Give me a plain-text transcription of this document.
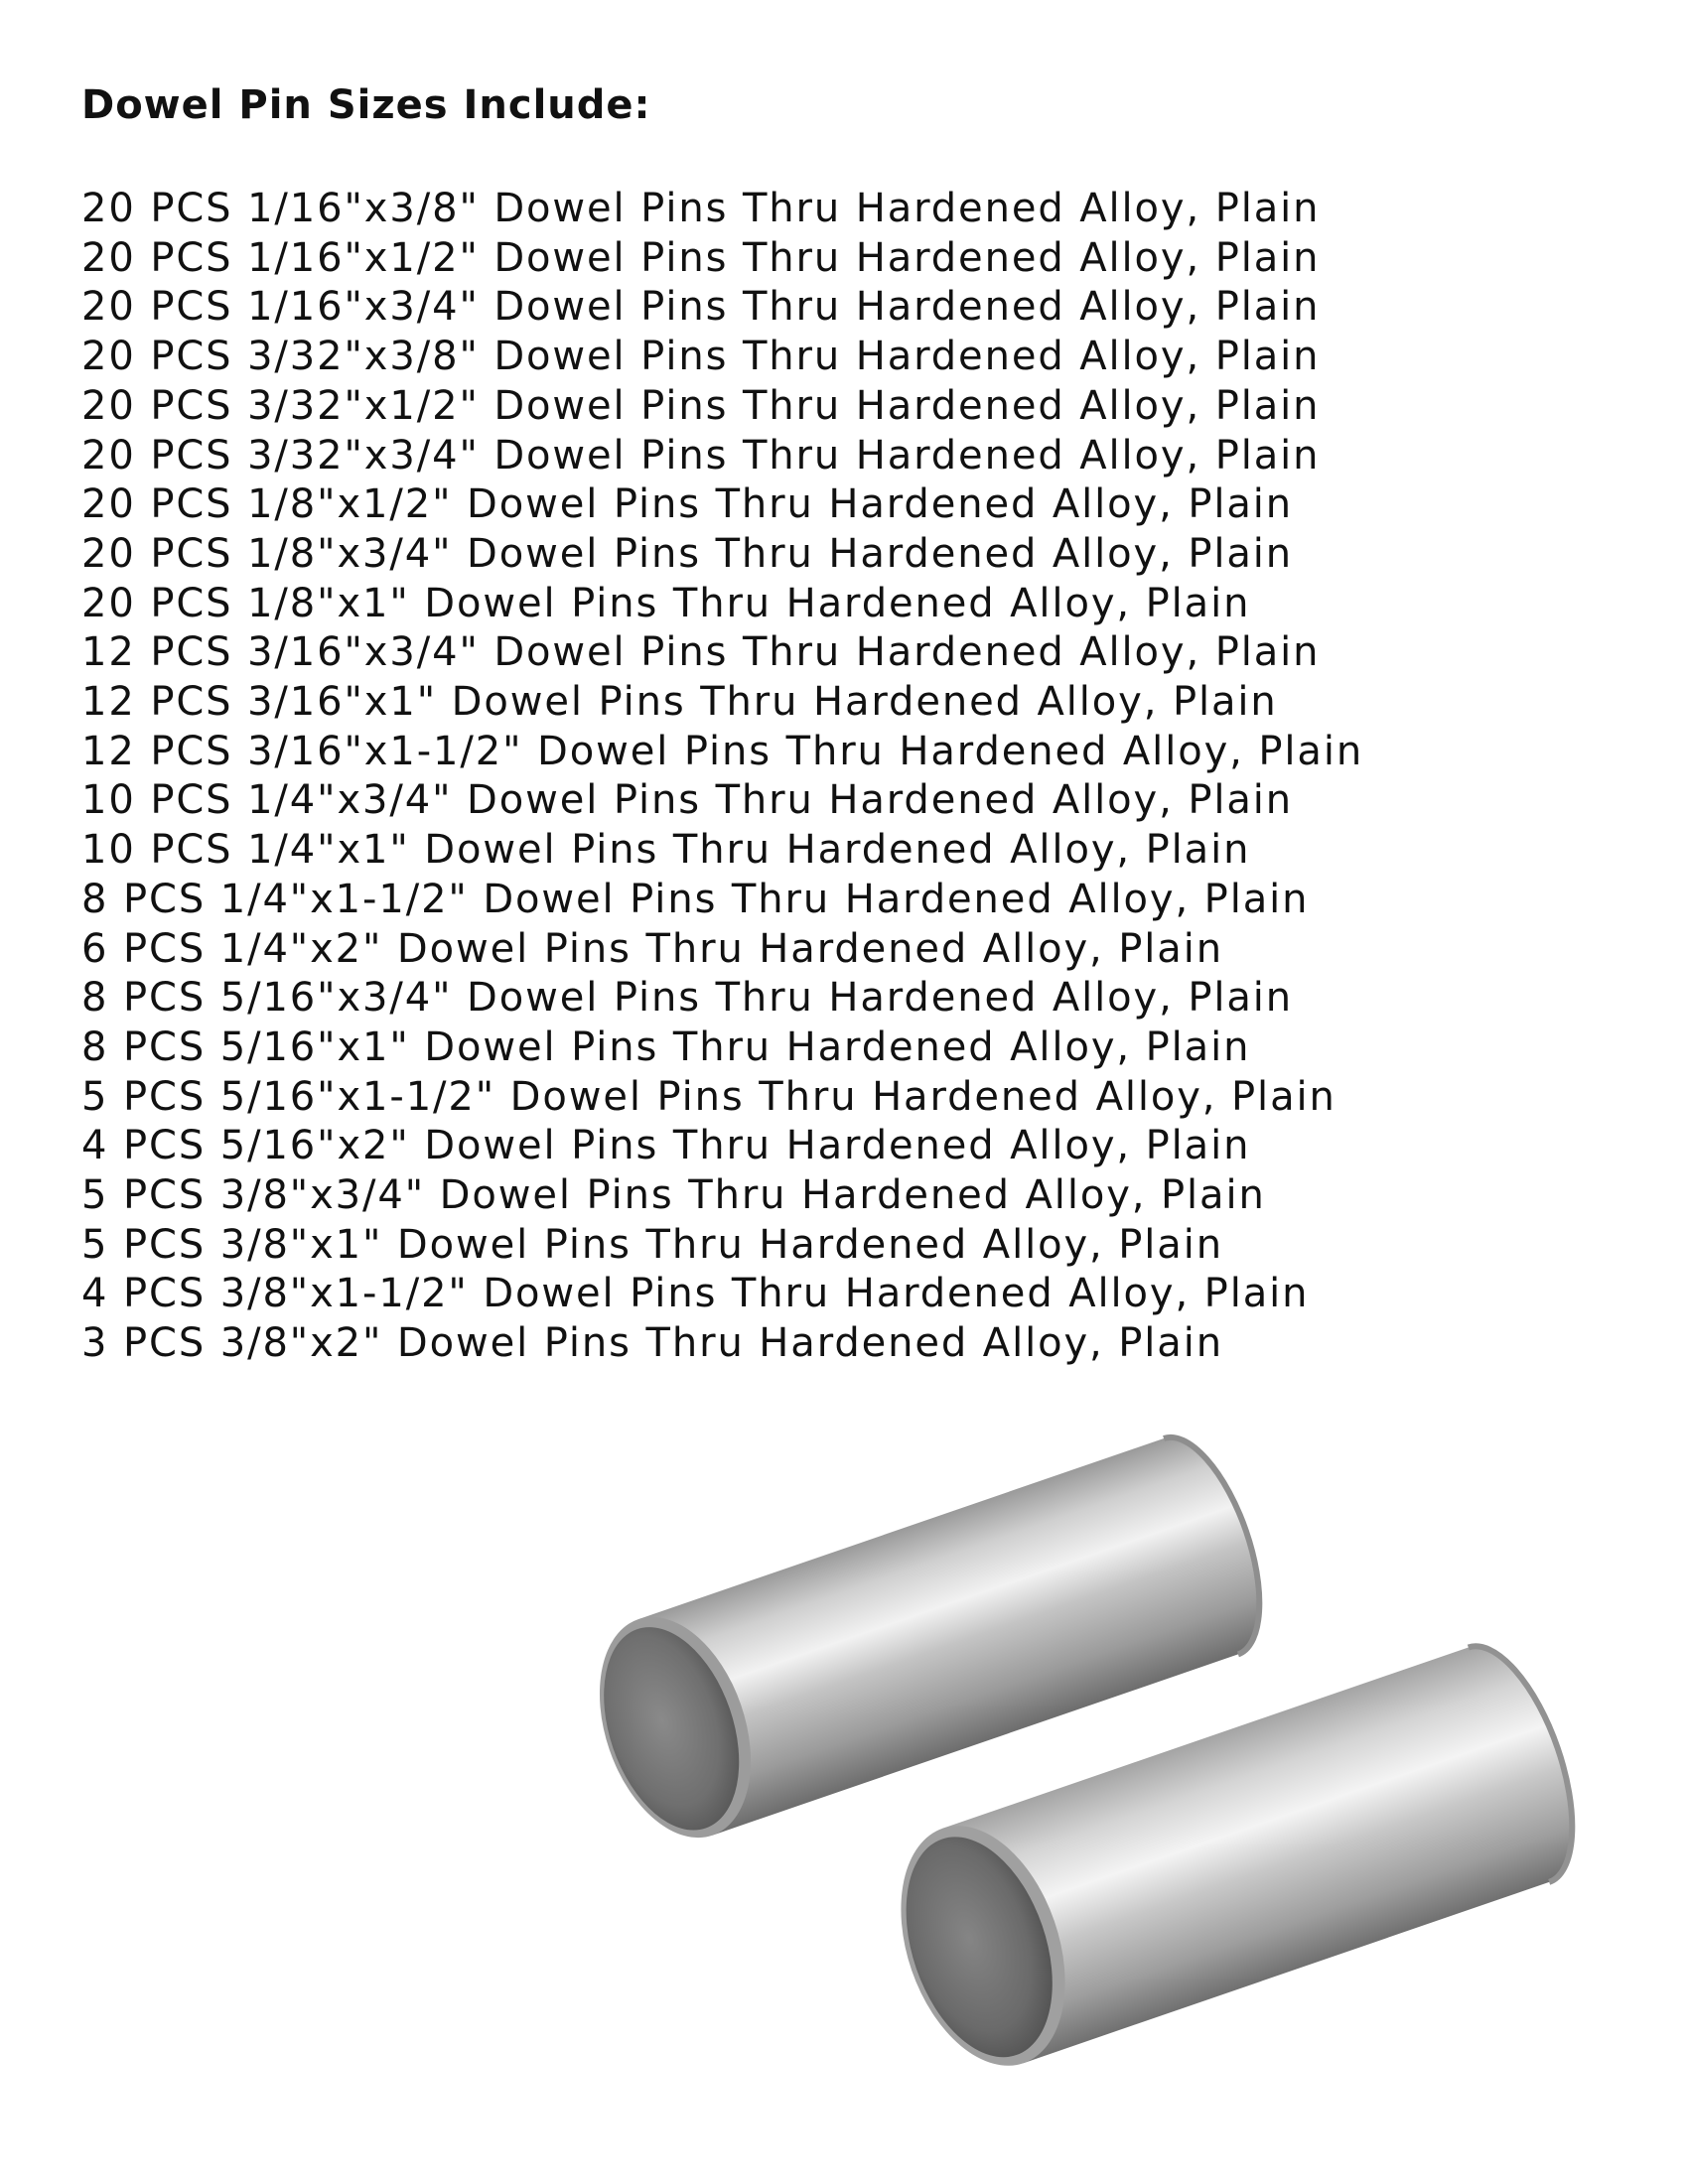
Dowel Pin Sizes Include:
20 PCS 1/16"x3/8" Dowel Pins Thru Hardened Alloy, Plain
20 PCS 1/16"x1/2" Dowel Pins Thru Hardened Alloy, Plain
20 PCS 1/16"x3/4" Dowel Pins Thru Hardened Alloy, Plain
20 PCS 3/32"x3/8" Dowel Pins Thru Hardened Alloy, Plain
20 PCS 3/32"x1/2" Dowel Pins Thru Hardened Alloy, Plain
20 PCS 3/32"x3/4" Dowel Pins Thru Hardened Alloy, Plain
20 PCS 1/8"x1/2" Dowel Pins Thru Hardened Alloy, Plain
20 PCS 1/8"x3/4" Dowel Pins Thru Hardened Alloy, Plain
20 PCS 1/8"x1" Dowel Pins Thru Hardened Alloy, Plain
12 PCS 3/16"x3/4" Dowel Pins Thru Hardened Alloy, Plain
12 PCS 3/16"x1" Dowel Pins Thru Hardened Alloy, Plain
12 PCS 3/16"x1-1/2" Dowel Pins Thru Hardened Alloy, Plain
10 PCS 1/4"x3/4" Dowel Pins Thru Hardened Alloy, Plain
10 PCS 1/4"x1" Dowel Pins Thru Hardened Alloy, Plain
8 PCS 1/4"x1-1/2" Dowel Pins Thru Hardened Alloy, Plain
6 PCS 1/4"x2" Dowel Pins Thru Hardened Alloy, Plain
8 PCS 5/16"x3/4" Dowel Pins Thru Hardened Alloy, Plain
8 PCS 5/16"x1" Dowel Pins Thru Hardened Alloy, Plain
5 PCS 5/16"x1-1/2" Dowel Pins Thru Hardened Alloy, Plain
4 PCS 5/16"x2" Dowel Pins Thru Hardened Alloy, Plain
5 PCS 3/8"x3/4" Dowel Pins Thru Hardened Alloy, Plain
5 PCS 3/8"x1" Dowel Pins Thru Hardened Alloy, Plain
4 PCS 3/8"x1-1/2" Dowel Pins Thru Hardened Alloy, Plain
3 PCS 3/8"x2" Dowel Pins Thru Hardened Alloy, Plain
